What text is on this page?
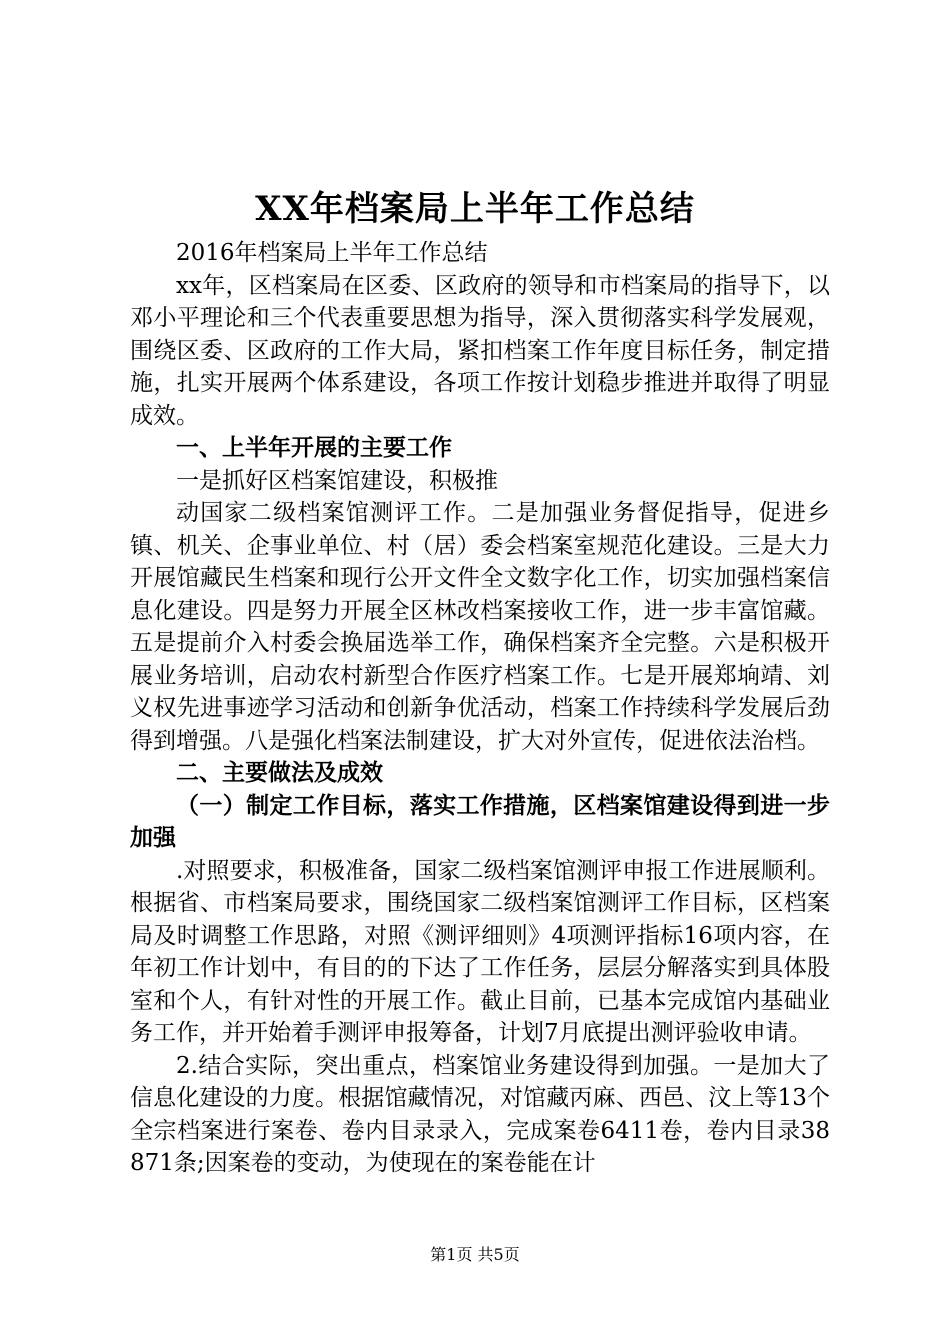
XX年档案局上半年工作总结

2016年档案局上半年工作总结

xx年，区档案局在区委、区政府的领导和市档案局的指导下，以邓小平理论和三个代表重要思想为指导，深入贯彻落实科学发展观，围绕区委、区政府的工作大局，紧扣档案工作年度目标任务，制定措施，扎实开展两个体系建设，各项工作按计划稳步推进并取得了明显成效。

一、上半年开展的主要工作

一是抓好区档案馆建设，积极推

动国家二级档案馆测评工作。二是加强业务督促指导，促进乡镇、机关、企事业单位、村（居）委会档案室规范化建设。三是大力开展馆藏民生档案和现行公开文件全文数字化工作，切实加强档案信息化建设。四是努力开展全区林改档案接收工作，进一步丰富馆藏。五是提前介入村委会换届选举工作，确保档案齐全完整。六是积极开展业务培训，启动农村新型合作医疗档案工作。七是开展郑垧靖、刘义权先进事迹学习活动和创新争优活动，档案工作持续科学发展后劲得到增强。八是强化档案法制建设，扩大对外宣传，促进依法治档。

二、主要做法及成效

（一）制定工作目标，落实工作措施，区档案馆建设得到进一步加强

.对照要求，积极准备，国家二级档案馆测评申报工作进展顺利。根据省、市档案局要求，围绕国家二级档案馆测评工作目标，区档案局及时调整工作思路，对照《测评细则》4项测评指标16项内容，在年初工作计划中，有目的的下达了工作任务，层层分解落实到具体股室和个人，有针对性的开展工作。截止目前，已基本完成馆内基础业务工作，并开始着手测评申报筹备，计划7月底提出测评验收申请。

2.结合实际，突出重点，档案馆业务建设得到加强。一是加大了信息化建设的力度。根据馆藏情况，对馆藏丙麻、西邑、汶上等13个全宗档案进行案卷、卷内目录录入，完成案卷6411卷，卷内目录38871条;因案卷的变动，为使现在的案卷能在计

第1页 共5页
